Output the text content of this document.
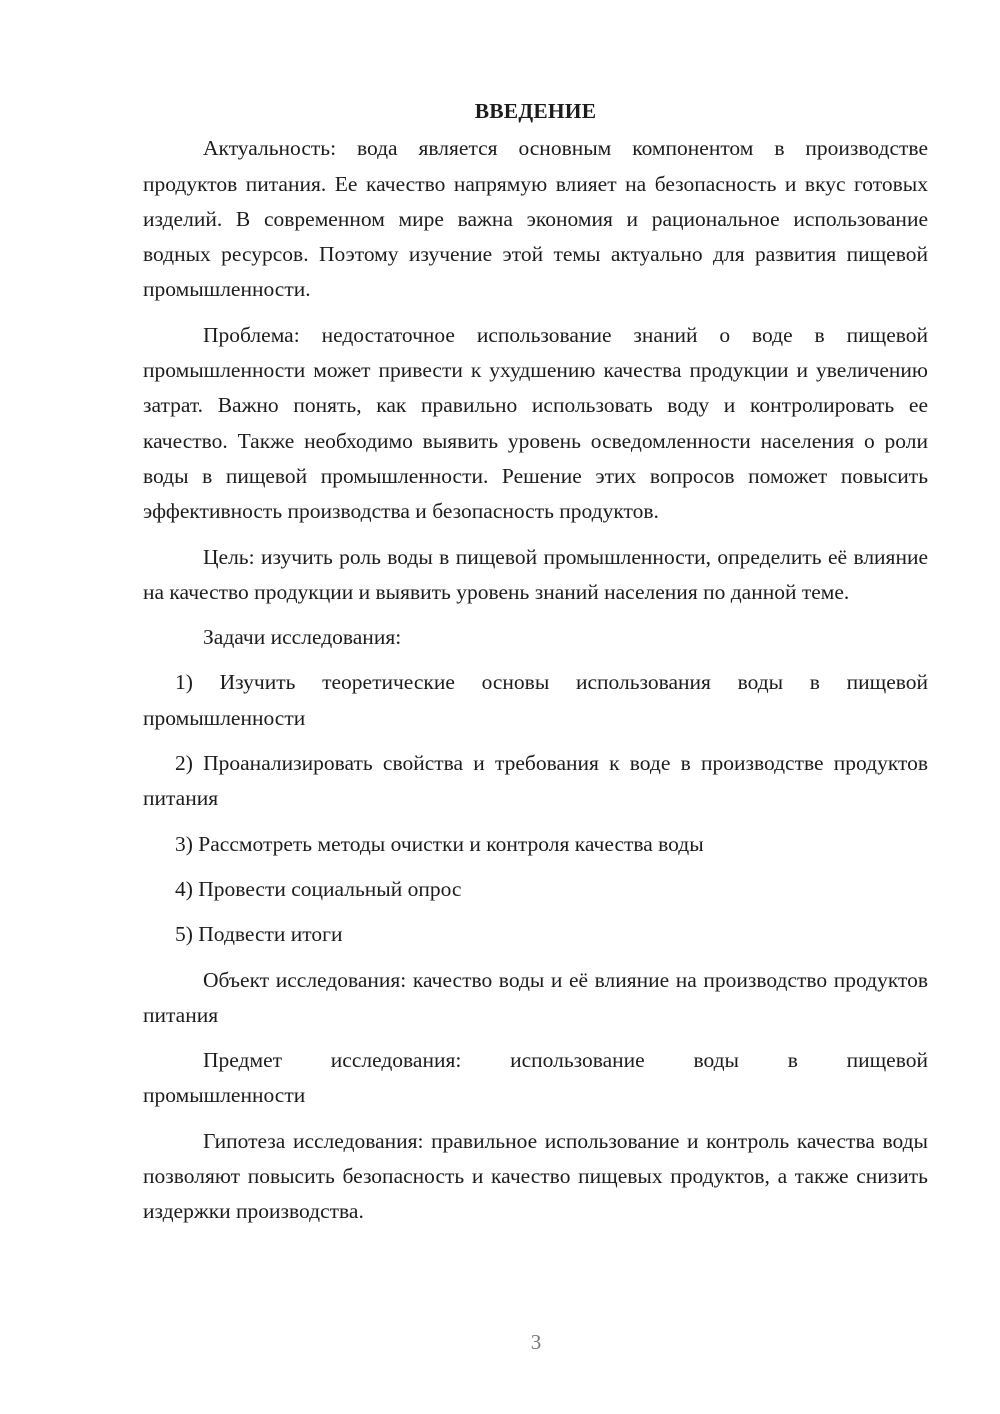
ВВЕДЕНИЕ

Актуальность: вода является основным компонентом в производстве продуктов питания. Ее качество напрямую влияет на безопасность и вкус готовых изделий. В современном мире важна экономия и рациональное использование водных ресурсов. Поэтому изучение этой темы актуально для развития пищевой промышленности.

Проблема: недостаточное использование знаний о воде в пищевой промышленности может привести к ухудшению качества продукции и увеличению затрат. Важно понять, как правильно использовать воду и контролировать ее качество. Также необходимо выявить уровень осведомленности населения о роли воды в пищевой промышленности. Решение этих вопросов поможет повысить эффективность производства и безопасность продуктов.

Цель: изучить роль воды в пищевой промышленности, определить её влияние на качество продукции и выявить уровень знаний населения по данной теме.

Задачи исследования:

1) Изучить теоретические основы использования воды в пищевой промышленности

2) Проанализировать свойства и требования к воде в производстве продуктов питания

3) Рассмотреть методы очистки и контроля качества воды

4) Провести социальный опрос

5) Подвести итоги

Объект исследования: качество воды и её влияние на производство продуктов питания

Предмет исследования: использование воды в пищевой

промышленности

Гипотеза исследования: правильное использование и контроль качества воды позволяют повысить безопасность и качество пищевых продуктов, а также снизить издержки производства.

3
